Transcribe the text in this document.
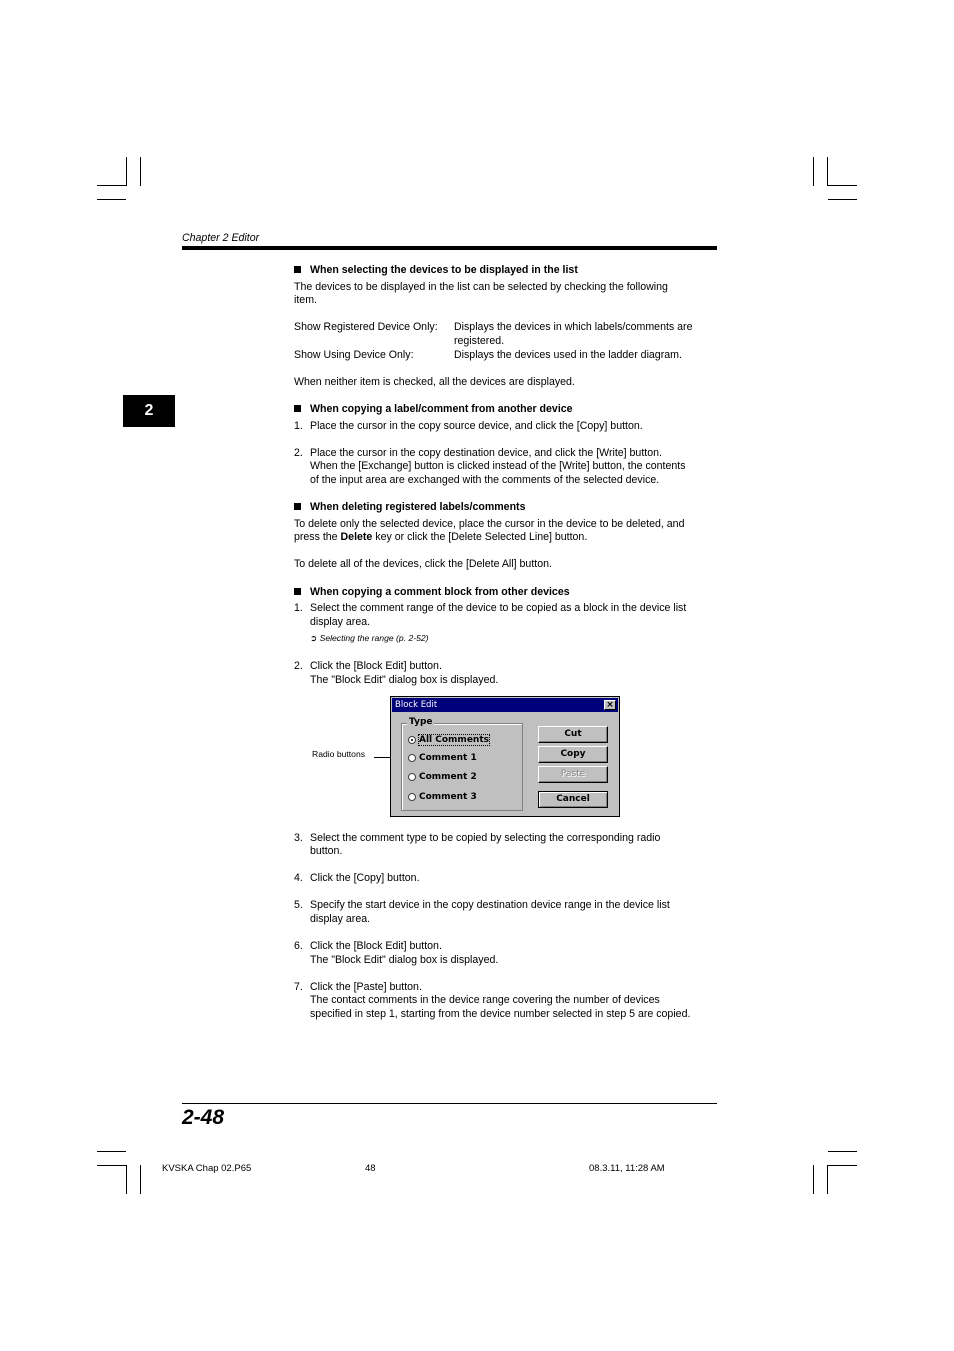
Chapter 2 Editor
2
When selecting the devices to be displayed in the list
The devices to be displayed in the list can be selected by checking the following
item.
Show Registered Device Only: Displays the devices in which labels/comments are
registered.
Show Using Device Only:	Displays the devices used in the ladder diagram.
When neither item is checked, all the devices are displayed.
When copying a label/comment from another device
1. Place the cursor in the copy source device, and click the [Copy] button.
2. Place the cursor in the copy destination device, and click the [Write] button.
When the [Exchange] button is clicked instead of the [Write] button, the contents
of the input area are exchanged with the comments of the selected device.
When deleting registered labels/comments
To delete only the selected device, place the cursor in the device to be deleted, and
press the Delete key or click the [Delete Selected Line] button.
To delete all of the devices, click the [Delete All] button.
When copying a comment block from other devices
1. Select the comment range of the device to be copied as a block in the device list
display area.
➲ Selecting the range (p. 2-52)
2. Click the [Block Edit] button.
The "Block Edit" dialog box is displayed.
Radio buttons
Block Edit	×
Type
All Comments
Comment 1
Comment 2
Comment 3
Cut
Copy
Paste
Cancel
3. Select the comment type to be copied by selecting the corresponding radio
button.
4. Click the [Copy] button.
5. Specify the start device in the copy destination device range in the device list
display area.
6. Click the [Block Edit] button.
The "Block Edit" dialog box is displayed.
7. Click the [Paste] button.
The contact comments in the device range covering the number of devices
specified in step 1, starting from the device number selected in step 5 are copied.
2-48
KVSKA Chap 02.P65	48	08.3.11, 11:28 AM
